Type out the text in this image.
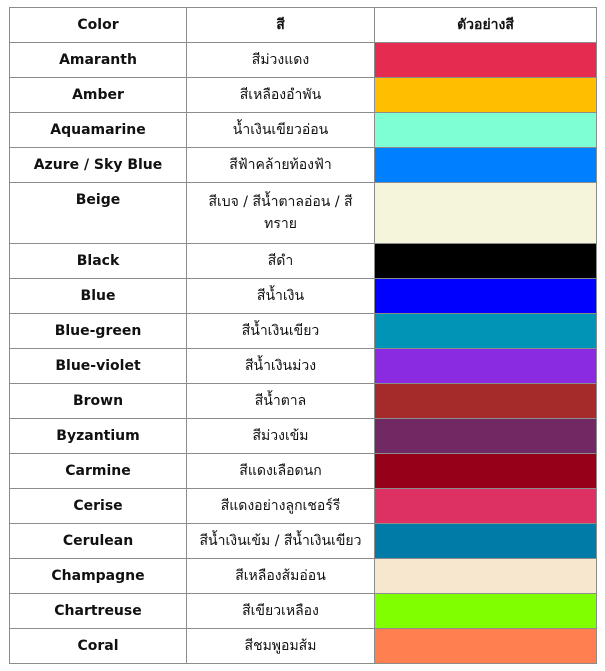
Color	สี	ตัวอย่างสี
Amaranth	สีม่วงแดง	

Amber	สีเหลืองอำพัน	

Aquamarine	น้ำเงินเขียวอ่อน	

Azure / Sky Blue	สีฟ้าคล้ายท้องฟ้า	

Beige	สีเบจ / สีน้ำตาลอ่อน / สีทราย	

Black	สีดำ	

Blue	สีน้ำเงิน	

Blue-green	สีน้ำเงินเขียว	

Blue-violet	สีน้ำเงินม่วง	

Brown	สีน้ำตาล	

Byzantium	สีม่วงเข้ม	

Carmine	สีแดงเลือดนก	

Cerise	สีแดงอย่างลูกเชอร์รี	

Cerulean	สีน้ำเงินเข้ม / สีน้ำเงินเขียว	

Champagne	สีเหลืองส้มอ่อน	

Chartreuse	สีเขียวเหลือง	

Coral	สีชมพูอมส้ม	
